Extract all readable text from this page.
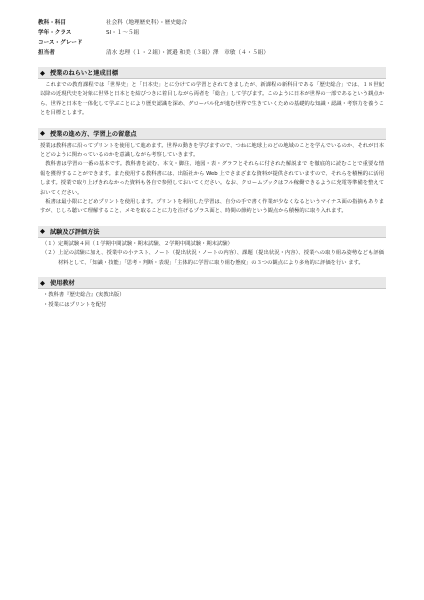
教科・科目	社会科（地理歴史科）・歴史総合
学年・クラス	SⅠ・１～５組
コース・グレード
担当者	清水 忠理（１・２組）・渡邉 和美（３組）澤　章敏（４・５組）
◆ 授業のねらいと達成目標

これまでの教育課程では「世界史」と「日本史」とに分けての学習とされてきましたが、新課程の新科目である「歴史総合」では、１８世紀以降の近現代史を対象に世界と日本とを結びつきに着目しながら両者を「総合」して学びます。このように日本が世界の一部であるという観点から、世界と日本を一体化して学ぶことにより歴史認識を深め、グローバル化が進む世界で生きていくための基礎的な知識・認識・考察力を養うことを目標とします。

◆ 授業の進め方、学習上の留意点

授業は教科書に沿ってプリントを使用して進めます。世界の動きを学びますので、つねに地球上のどの地域のことを学んでいるのか、それが日本とどのように関わっているのかを意識しながら考察していきます。

教科書は学習の一番の基本です。教科書を読む、本文・脚注、地図・表・グラフとそれらに付された解説まで を徹底的に読むことで重要な情報を獲得することができます。また使用する教科書には、出版社から Web 上でさまざまな資料が提供されていますので、それらを積極的に活用します。授業で取り上げきれなかった資料も各自で参照しておいてください。なお、クロームブックはフル稼働できるように充電等準備を整えておいてください。

板書は最小限にとどめプリントを使用します。プリントを利用した学習は、自分の手で書く作業が少なくなるというマイナス面の指摘もありますが、じしろ聴いて理解すること、メモを取ることに力を注げるプラス面と、時間の節約という観点から積極的に取り入れます。

◆ 試験及び評価方法
（１） 定期試験４回（１学期中間試験・期末試験、２学期中間試験・期末試験）
（２） 上記の試験に加え、授業中の小テスト、ノート（提出状況・ノートの内容）、課題（提出状況・内容）、授業への取り組み姿勢なども評価材料として、「知識・技能」「思考・判断・表現」「主体的に学習に取り組む態度」の３つの観点により多角的に評価を行い ます。
◆ 使用教材
・教科書『歴史総合』(実教出版）
・授業にはプリントを配付
